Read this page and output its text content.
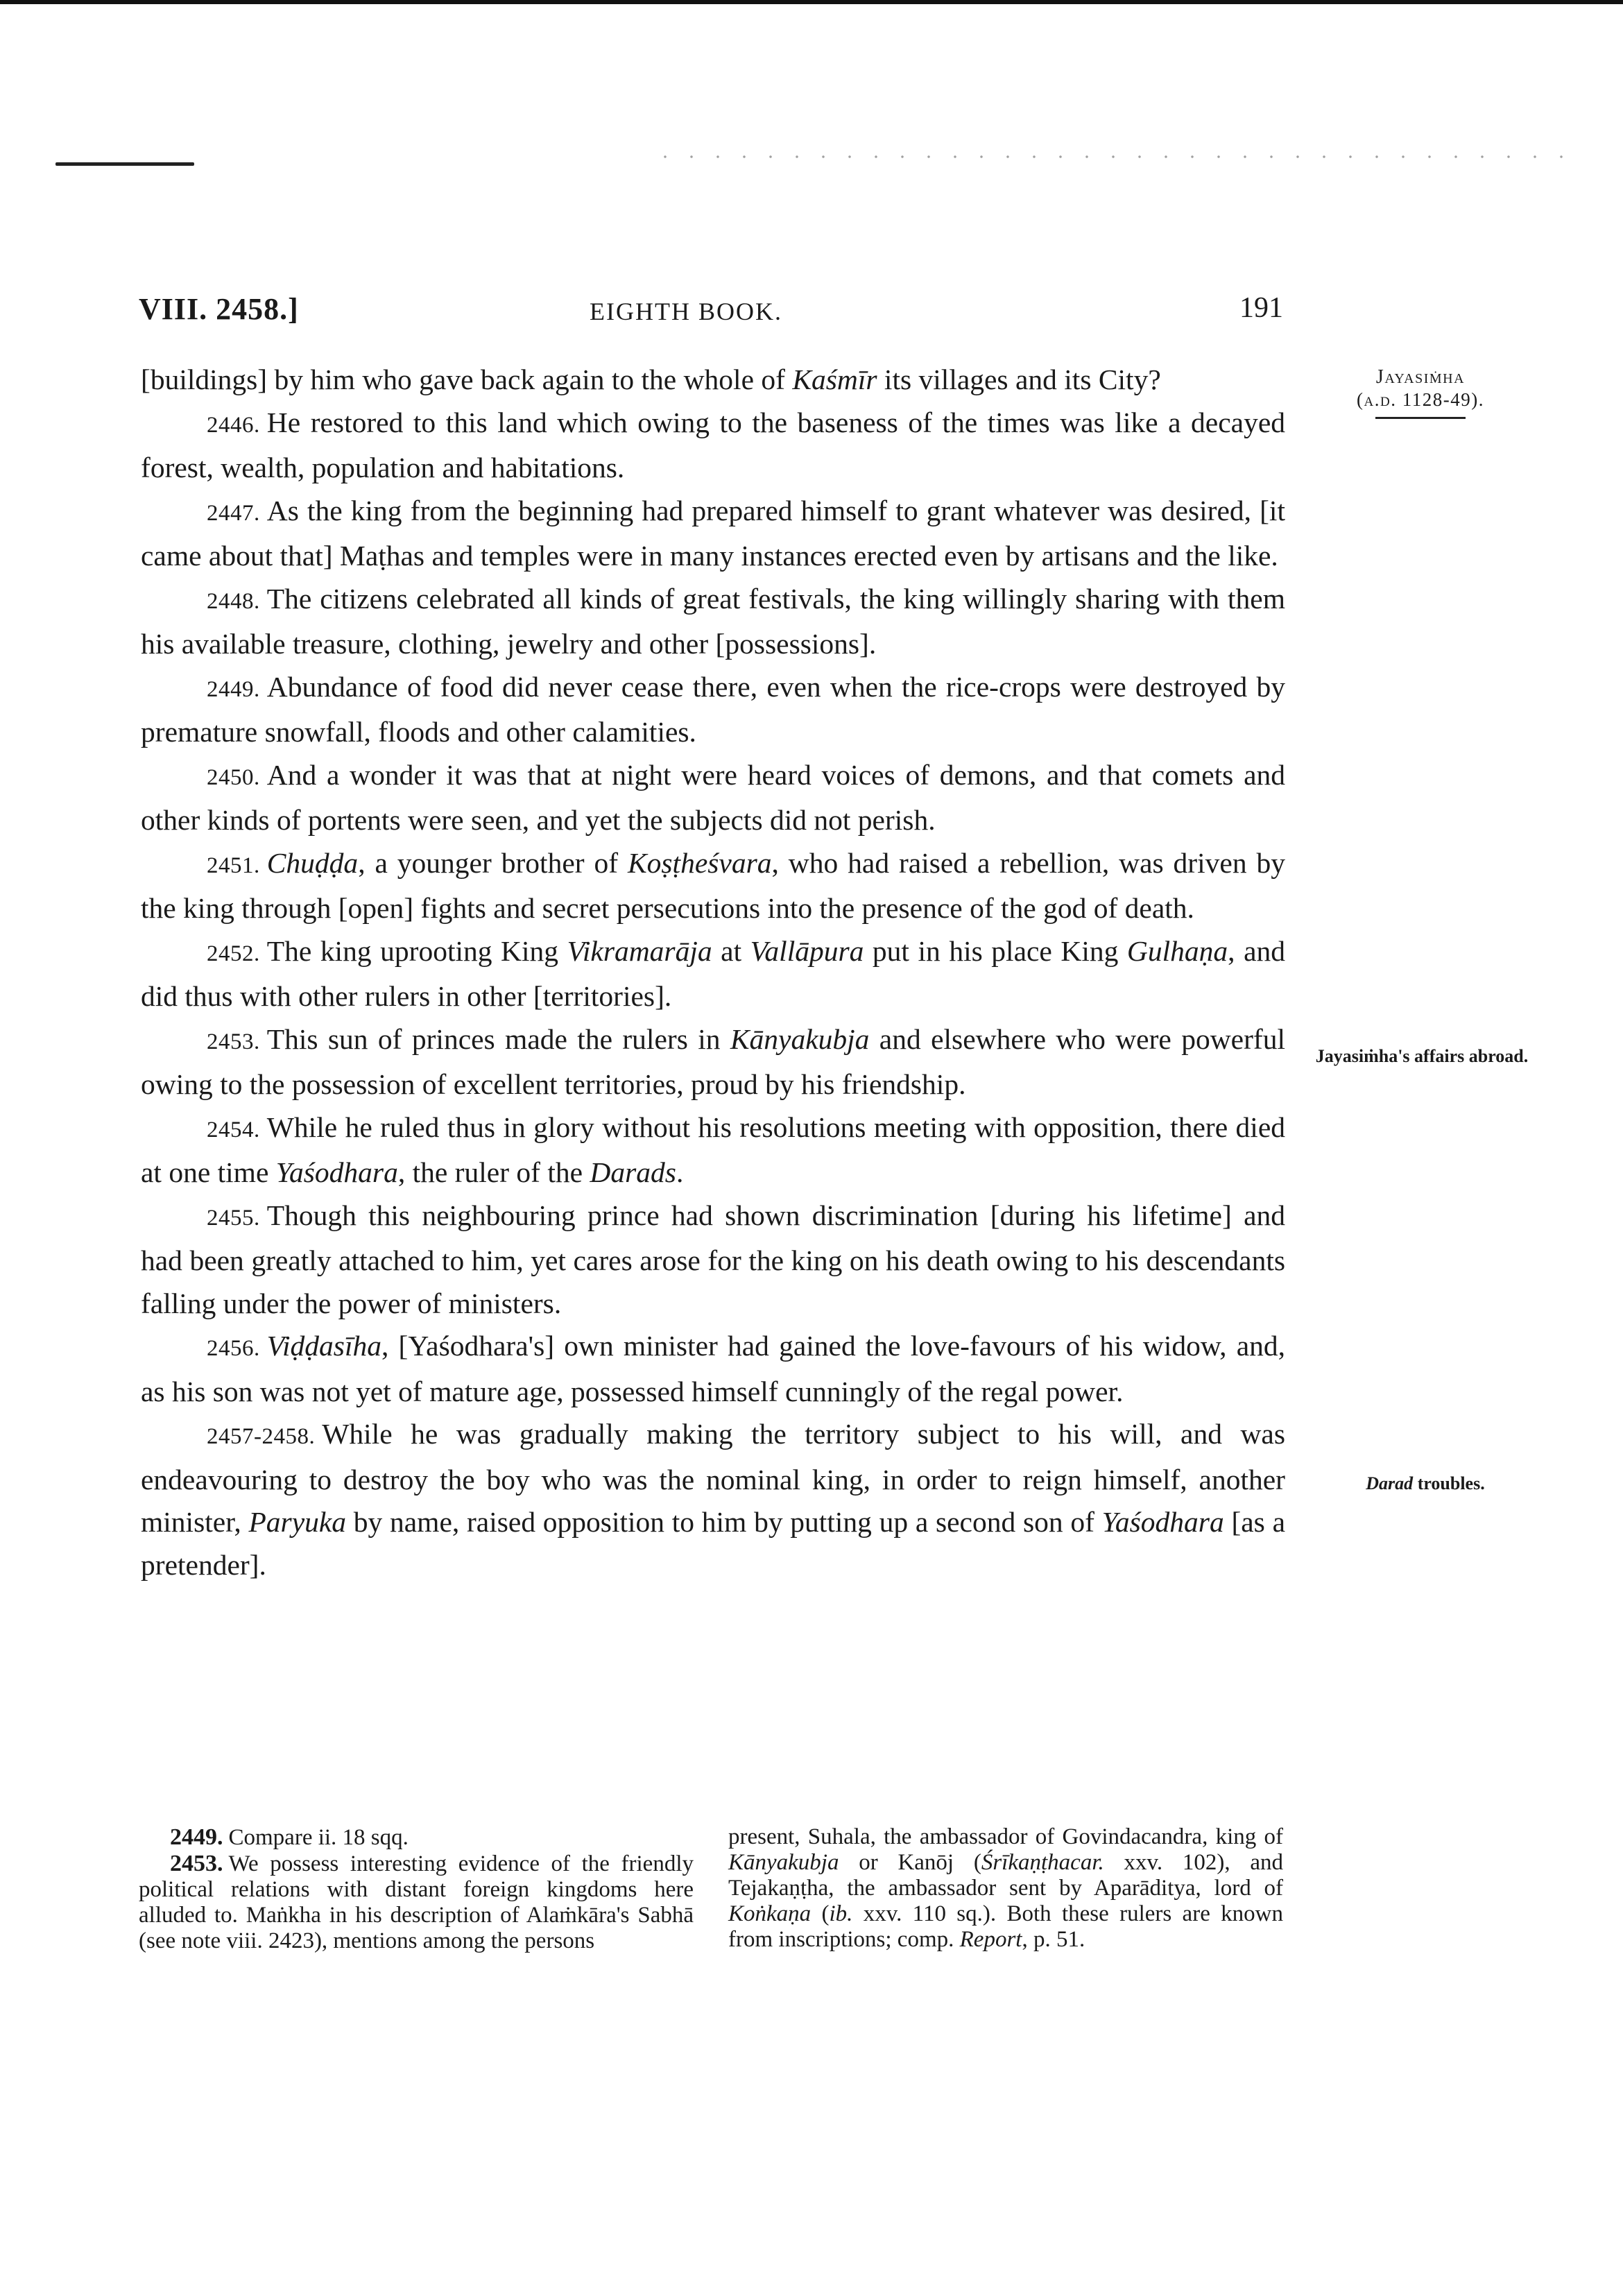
VIII. 2458.]	EIGHTH BOOK.	191

[buildings] by him who gave back again to the whole of Kaśmīr its villages and its City?

2446. He restored to this land which owing to the baseness of the times was like a decayed forest, wealth, population and habitations.

2447. As the king from the beginning had prepared himself to grant whatever was desired, [it came about that] Maṭhas and temples were in many instances erected even by artisans and the like.

2448. The citizens celebrated all kinds of great festivals, the king willingly sharing with them his available treasure, clothing, jewelry and other [possessions].

2449. Abundance of food did never cease there, even when the rice-crops were destroyed by premature snowfall, floods and other calamities.

2450. And a wonder it was that at night were heard voices of demons, and that comets and other kinds of portents were seen, and yet the subjects did not perish.

2451. Chuḍḍa, a younger brother of Koṣṭheśvara, who had raised a rebellion, was driven by the king through [open] fights and secret persecutions into the presence of the god of death.

2452. The king uprooting King Vikramarāja at Vallāpura put in his place King Gulhaṇa, and did thus with other rulers in other [territories].

2453. This sun of princes made the rulers in Kānyakubja and elsewhere who were powerful owing to the possession of excellent territories, proud by his friendship.

2454. While he ruled thus in glory without his resolutions meeting with opposition, there died at one time Yaśodhara, the ruler of the Darads.

2455. Though this neighbouring prince had shown discrimination [during his lifetime] and had been greatly attached to him, yet cares arose for the king on his death owing to his descendants falling under the power of ministers.

2456. Viḍḍasīha, [Yaśodhara's] own minister had gained the love-favours of his widow, and, as his son was not yet of mature age, possessed himself cunningly of the regal power.

2457-2458. While he was gradually making the territory subject to his will, and was endeavouring to destroy the boy who was the nominal king, in order to reign himself, another minister, Paryuka by name, raised opposition to him by putting up a second son of Yaśodhara [as a pretender].

Jayasiṁha
(a.d. 1128-49).
Jayasiṁha's affairs abroad.
Darad troubles.

2449. Compare ii. 18 sqq.

2453. We possess interesting evidence of the friendly political relations with distant foreign kingdoms here alluded to. Maṅkha in his description of Alaṁkāra's Sabhā (see note viii. 2423), mentions among the persons

present, Suhala, the ambassador of Govindacandra, king of Kānyakubja or Kanōj (Śrīkaṇṭhacar. xxv. 102), and Tejakaṇṭha, the ambassador sent by Aparāditya, lord of Koṅkaṇa (ib. xxv. 110 sq.). Both these rulers are known from inscriptions; comp. Report, p. 51.
